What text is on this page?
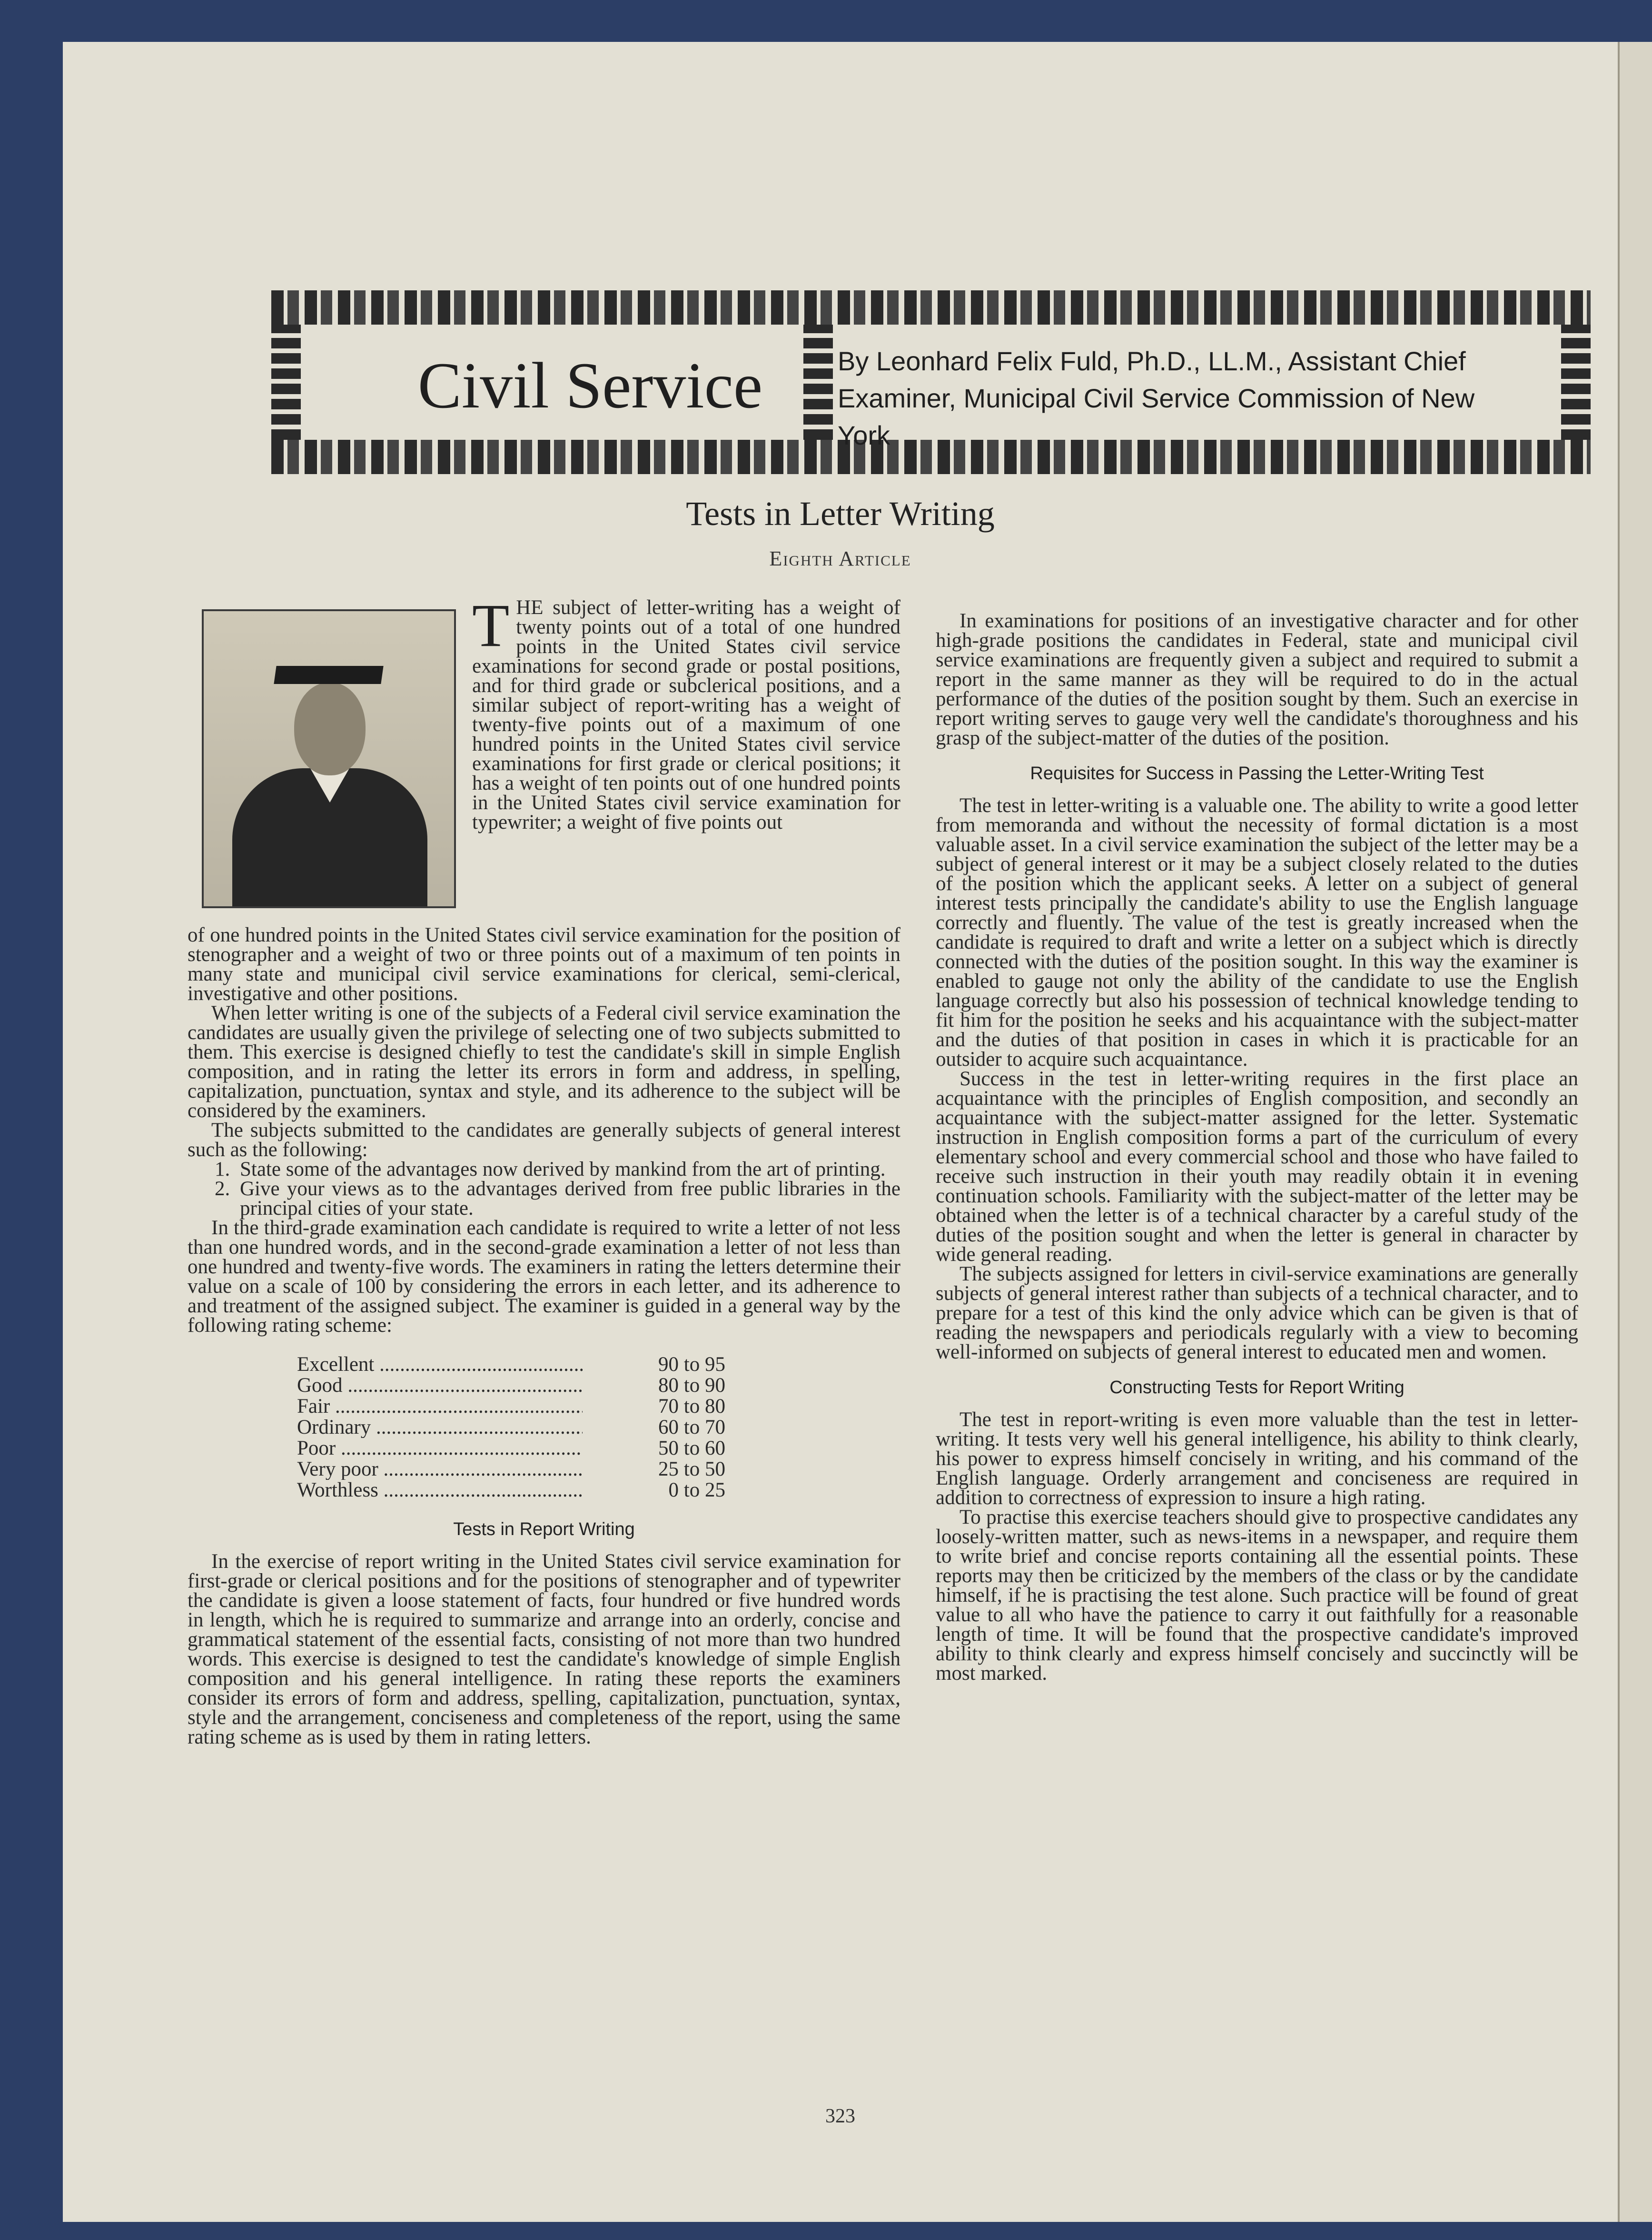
Civil Service	By Leonhard Felix Fuld, Ph.D., LL.M., Assistant Chief Examiner, Municipal Civil Service Commission of New York
Tests in Letter Writing
Eighth Article
THE subject of letter-writing has a weight of twenty points out of a total of one hundred points in the United States civil service examinations for second grade or postal positions, and for third grade or subclerical positions, and a similar subject of report-writing has a weight of twenty-five points out of a maximum of one hundred points in the United States civil service examinations for first grade or clerical positions; it has a weight of ten points out of one hundred points in the United States civil service examination for typewriter; a weight of five points out

of one hundred points in the United States civil service examination for the position of stenographer and a weight of two or three points out of a maximum of ten points in many state and municipal civil service examinations for clerical, semi-clerical, investigative and other positions.

When letter writing is one of the subjects of a Federal civil service examination the candidates are usually given the privilege of selecting one of two subjects submitted to them. This exercise is designed chiefly to test the candidate's skill in simple English composition, and in rating the letter its errors in form and address, in spelling, capitalization, punctuation, syntax and style, and its adherence to the subject will be considered by the examiners.

The subjects submitted to the candidates are generally subjects of general interest such as the following:

1. State some of the advantages now derived by mankind from the art of printing.
2. Give your views as to the advantages derived from free public libraries in the principal cities of your state.

In the third-grade examination each candidate is required to write a letter of not less than one hundred words, and in the second-grade examination a letter of not less than one hundred and twenty-five words. The examiners in rating the letters determine their value on a scale of 100 by considering the errors in each letter, and its adherence to and treatment of the assigned subject. The examiner is guided in a general way by the following rating scheme:

Excellent .....	90 to 95
Good .....	80 to 90
Fair .....	70 to 80
Ordinary .....	60 to 70
Poor .....	50 to 60
Very poor .....	25 to 50
Worthless .....	0 to 25
Tests in Report Writing

In the exercise of report writing in the United States civil service examination for first-grade or clerical positions and for the positions of stenographer and of typewriter the candidate is given a loose statement of facts, four hundred or five hundred words in length, which he is required to summarize and arrange into an orderly, concise and grammatical statement of the essential facts, consisting of not more than two hundred words. This exercise is designed to test the candidate's knowledge of simple English composition and his general intelligence. In rating these reports the examiners consider its errors of form and address, spelling, capitalization, punctuation, syntax, style and the arrangement, conciseness and completeness of the report, using the same rating scheme as is used by them in rating letters.

In examinations for positions of an investigative character and for other high-grade positions the candidates in Federal, state and municipal civil service examinations are frequently given a subject and required to submit a report in the same manner as they will be required to do in the actual performance of the duties of the position sought by them. Such an exercise in report writing serves to gauge very well the candidate's thoroughness and his grasp of the subject-matter of the duties of the position.

Requisites for Success in Passing the Letter-Writing Test

The test in letter-writing is a valuable one. The ability to write a good letter from memoranda and without the necessity of formal dictation is a most valuable asset. In a civil service examination the subject of the letter may be a subject of general interest or it may be a subject closely related to the duties of the position which the applicant seeks. A letter on a subject of general interest tests principally the candidate's ability to use the English language correctly and fluently. The value of the test is greatly increased when the candidate is required to draft and write a letter on a subject which is directly connected with the duties of the position sought. In this way the examiner is enabled to gauge not only the ability of the candidate to use the English language correctly but also his possession of technical knowledge tending to fit him for the position he seeks and his acquaintance with the subject-matter and the duties of that position in cases in which it is practicable for an outsider to acquire such acquaintance.

Success in the test in letter-writing requires in the first place an acquaintance with the principles of English composition, and secondly an acquaintance with the subject-matter assigned for the letter. Systematic instruction in English composition forms a part of the curriculum of every elementary school and every commercial school and those who have failed to receive such instruction in their youth may readily obtain it in evening continuation schools. Familiarity with the subject-matter of the letter may be obtained when the letter is of a technical character by a careful study of the duties of the position sought and when the letter is general in character by wide general reading.

The subjects assigned for letters in civil-service examinations are generally subjects of general interest rather than subjects of a technical character, and to prepare for a test of this kind the only advice which can be given is that of reading the newspapers and periodicals regularly with a view to becoming well-informed on subjects of general interest to educated men and women.

Constructing Tests for Report Writing

The test in report-writing is even more valuable than the test in letter-writing. It tests very well his general intelligence, his ability to think clearly, his power to express himself concisely in writing, and his command of the English language. Orderly arrangement and conciseness are required in addition to correctness of expression to insure a high rating.

To practise this exercise teachers should give to prospective candidates any loosely-written matter, such as news-items in a newspaper, and require them to write brief and concise reports containing all the essential points. These reports may then be criticized by the members of the class or by the candidate himself, if he is practising the test alone. Such practice will be found of great value to all who have the patience to carry it out faithfully for a reasonable length of time. It will be found that the prospective candidate's improved ability to think clearly and express himself concisely and succinctly will be most marked.

323
